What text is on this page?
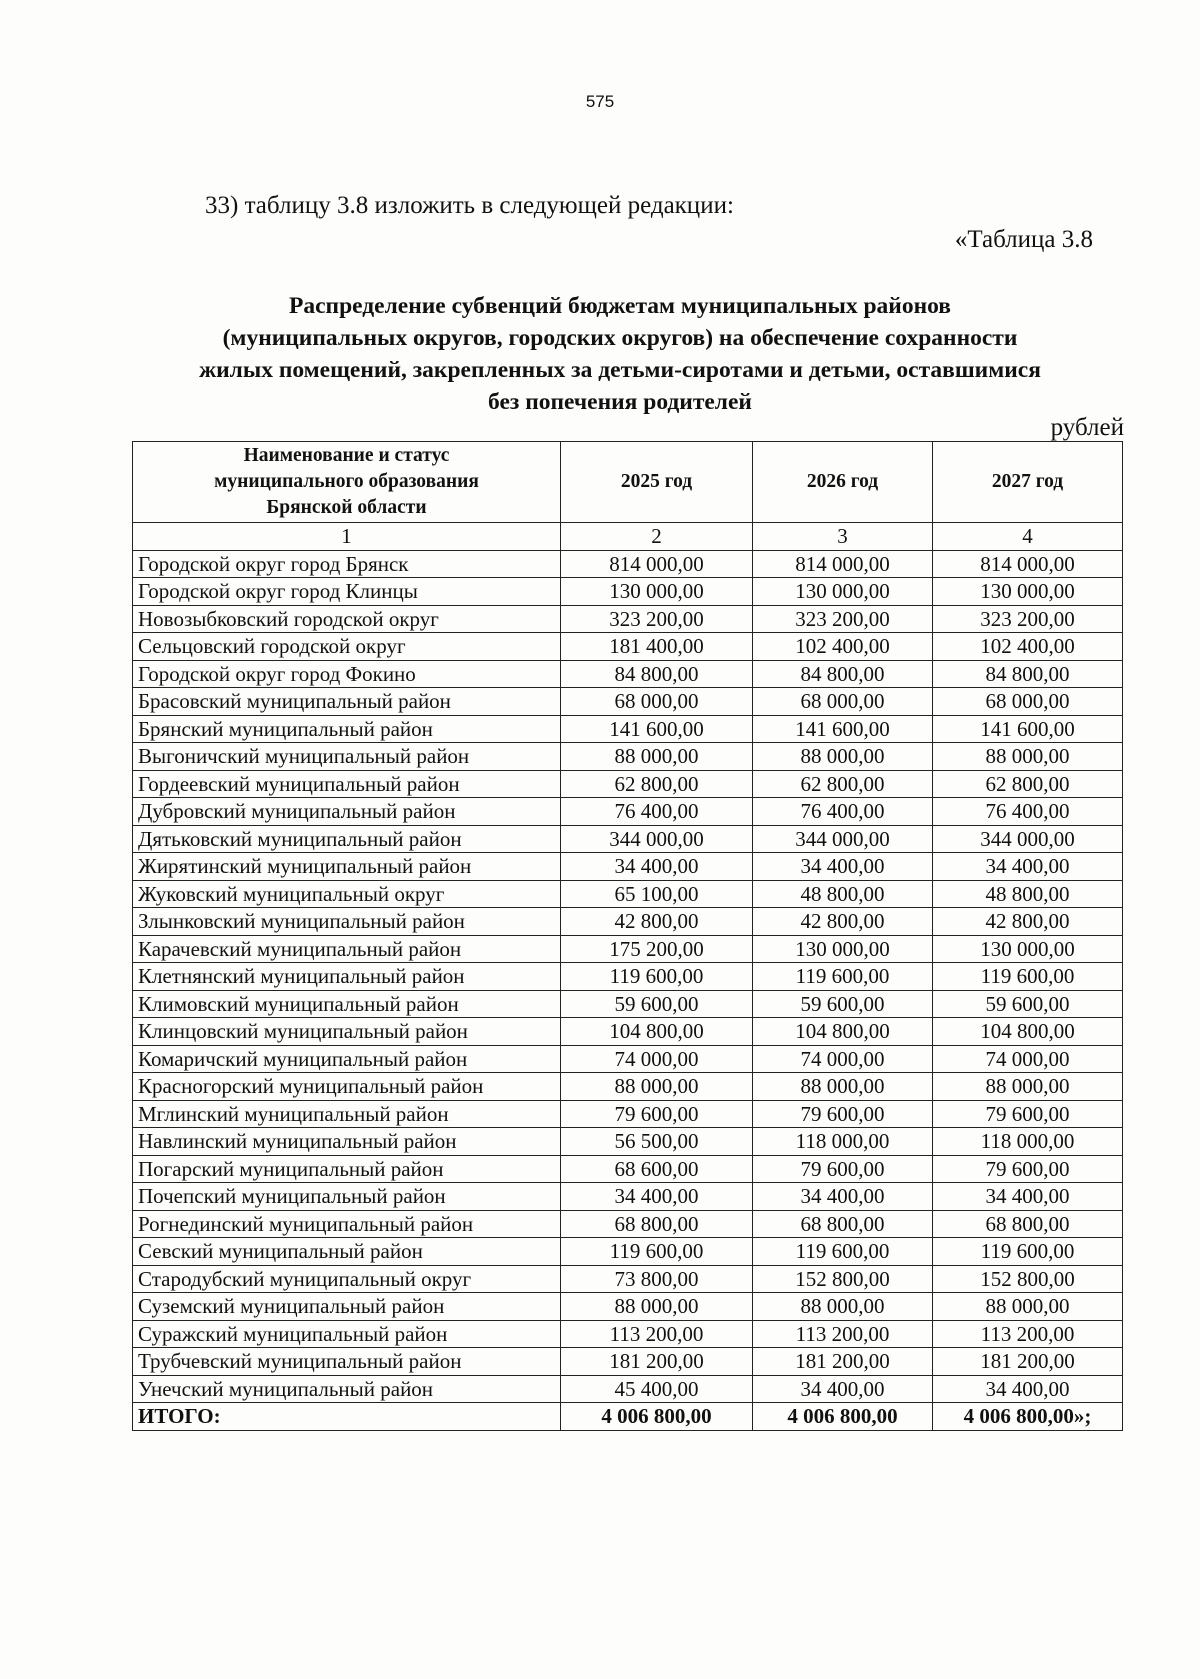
575
33) таблицу 3.8 изложить в следующей редакции:
«Таблица 3.8
Распределение субвенций бюджетам муниципальных районов
(муниципальных округов, городских округов) на обеспечение сохранности
жилых помещений, закрепленных за детьми-сиротами и детьми, оставшимися
без попечения родителей
рублей
Наименование и статус
муниципального образования
Брянской области	2025 год	2026 год	2027 год
1	2	3	4
Городской округ город Брянск	814 000,00	814 000,00	814 000,00
Городской округ город Клинцы	130 000,00	130 000,00	130 000,00
Новозыбковский городской округ	323 200,00	323 200,00	323 200,00
Сельцовский городской округ	181 400,00	102 400,00	102 400,00
Городской округ город Фокино	84 800,00	84 800,00	84 800,00
Брасовский муниципальный район	68 000,00	68 000,00	68 000,00
Брянский муниципальный район	141 600,00	141 600,00	141 600,00
Выгоничский муниципальный район	88 000,00	88 000,00	88 000,00
Гордеевский муниципальный район	62 800,00	62 800,00	62 800,00
Дубровский муниципальный район	76 400,00	76 400,00	76 400,00
Дятьковский муниципальный район	344 000,00	344 000,00	344 000,00
Жирятинский муниципальный район	34 400,00	34 400,00	34 400,00
Жуковский муниципальный округ	65 100,00	48 800,00	48 800,00
Злынковский муниципальный район	42 800,00	42 800,00	42 800,00
Карачевский муниципальный район	175 200,00	130 000,00	130 000,00
Клетнянский муниципальный район	119 600,00	119 600,00	119 600,00
Климовский муниципальный район	59 600,00	59 600,00	59 600,00
Клинцовский муниципальный район	104 800,00	104 800,00	104 800,00
Комаричский муниципальный район	74 000,00	74 000,00	74 000,00
Красногорский муниципальный район	88 000,00	88 000,00	88 000,00
Мглинский муниципальный район	79 600,00	79 600,00	79 600,00
Навлинский муниципальный район	56 500,00	118 000,00	118 000,00
Погарский муниципальный район	68 600,00	79 600,00	79 600,00
Почепский муниципальный район	34 400,00	34 400,00	34 400,00
Рогнединский муниципальный район	68 800,00	68 800,00	68 800,00
Севский муниципальный район	119 600,00	119 600,00	119 600,00
Стародубский муниципальный округ	73 800,00	152 800,00	152 800,00
Суземский муниципальный район	88 000,00	88 000,00	88 000,00
Суражский муниципальный район	113 200,00	113 200,00	113 200,00
Трубчевский муниципальный район	181 200,00	181 200,00	181 200,00
Унечский муниципальный район	45 400,00	34 400,00	34 400,00
ИТОГО:	4 006 800,00	4 006 800,00	4 006 800,00»;
